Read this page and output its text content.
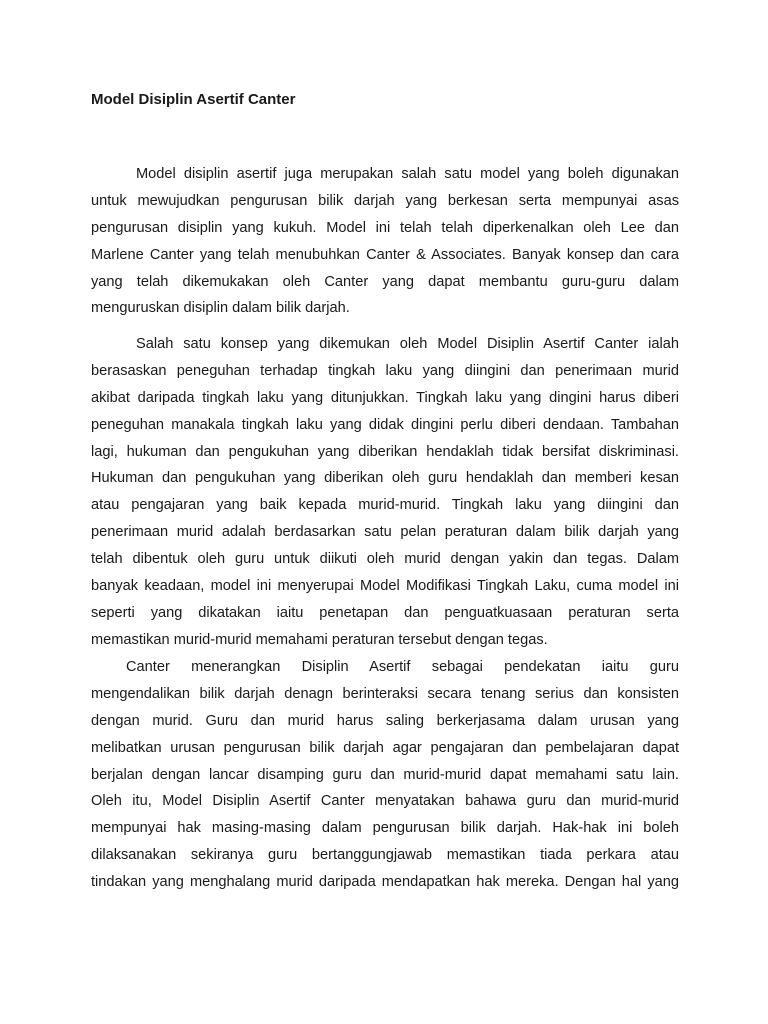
Model Disiplin Asertif Canter
Model disiplin asertif juga merupakan salah satu model yang boleh digunakan
untuk mewujudkan pengurusan bilik darjah yang berkesan serta mempunyai asas
pengurusan disiplin yang kukuh. Model ini telah telah diperkenalkan oleh Lee dan
Marlene Canter yang telah menubuhkan Canter & Associates. Banyak konsep dan cara
yang telah dikemukakan oleh Canter yang dapat membantu guru-guru dalam
menguruskan disiplin dalam bilik darjah.
Salah satu konsep yang dikemukan oleh Model Disiplin Asertif Canter ialah
berasaskan peneguhan terhadap tingkah laku yang diingini dan penerimaan murid
akibat daripada tingkah laku yang ditunjukkan. Tingkah laku yang dingini harus diberi
peneguhan manakala tingkah laku yang didak dingini perlu diberi dendaan. Tambahan
lagi, hukuman dan pengukuhan yang diberikan hendaklah tidak bersifat diskriminasi.
Hukuman dan pengukuhan yang diberikan oleh guru hendaklah dan memberi kesan
atau pengajaran yang baik kepada murid-murid. Tingkah laku yang diingini dan
penerimaan murid adalah berdasarkan satu pelan peraturan dalam bilik darjah yang
telah dibentuk oleh guru untuk diikuti oleh murid dengan yakin dan tegas. Dalam
banyak keadaan, model ini menyerupai Model Modifikasi Tingkah Laku, cuma model ini
seperti yang dikatakan iaitu penetapan dan penguatkuasaan peraturan serta
memastikan murid-murid memahami peraturan tersebut dengan tegas.
Canter menerangkan Disiplin Asertif sebagai pendekatan iaitu guru
mengendalikan bilik darjah denagn berinteraksi secara tenang serius dan konsisten
dengan murid. Guru dan murid harus saling berkerjasama dalam urusan yang
melibatkan urusan pengurusan bilik darjah agar pengajaran dan pembelajaran dapat
berjalan dengan lancar disamping guru dan murid-murid dapat memahami satu lain.
Oleh itu, Model Disiplin Asertif Canter menyatakan bahawa guru dan murid-murid
mempunyai hak masing-masing dalam pengurusan bilik darjah. Hak-hak ini boleh
dilaksanakan sekiranya guru bertanggungjawab memastikan tiada perkara atau
tindakan yang menghalang murid daripada mendapatkan hak mereka. Dengan hal yang
